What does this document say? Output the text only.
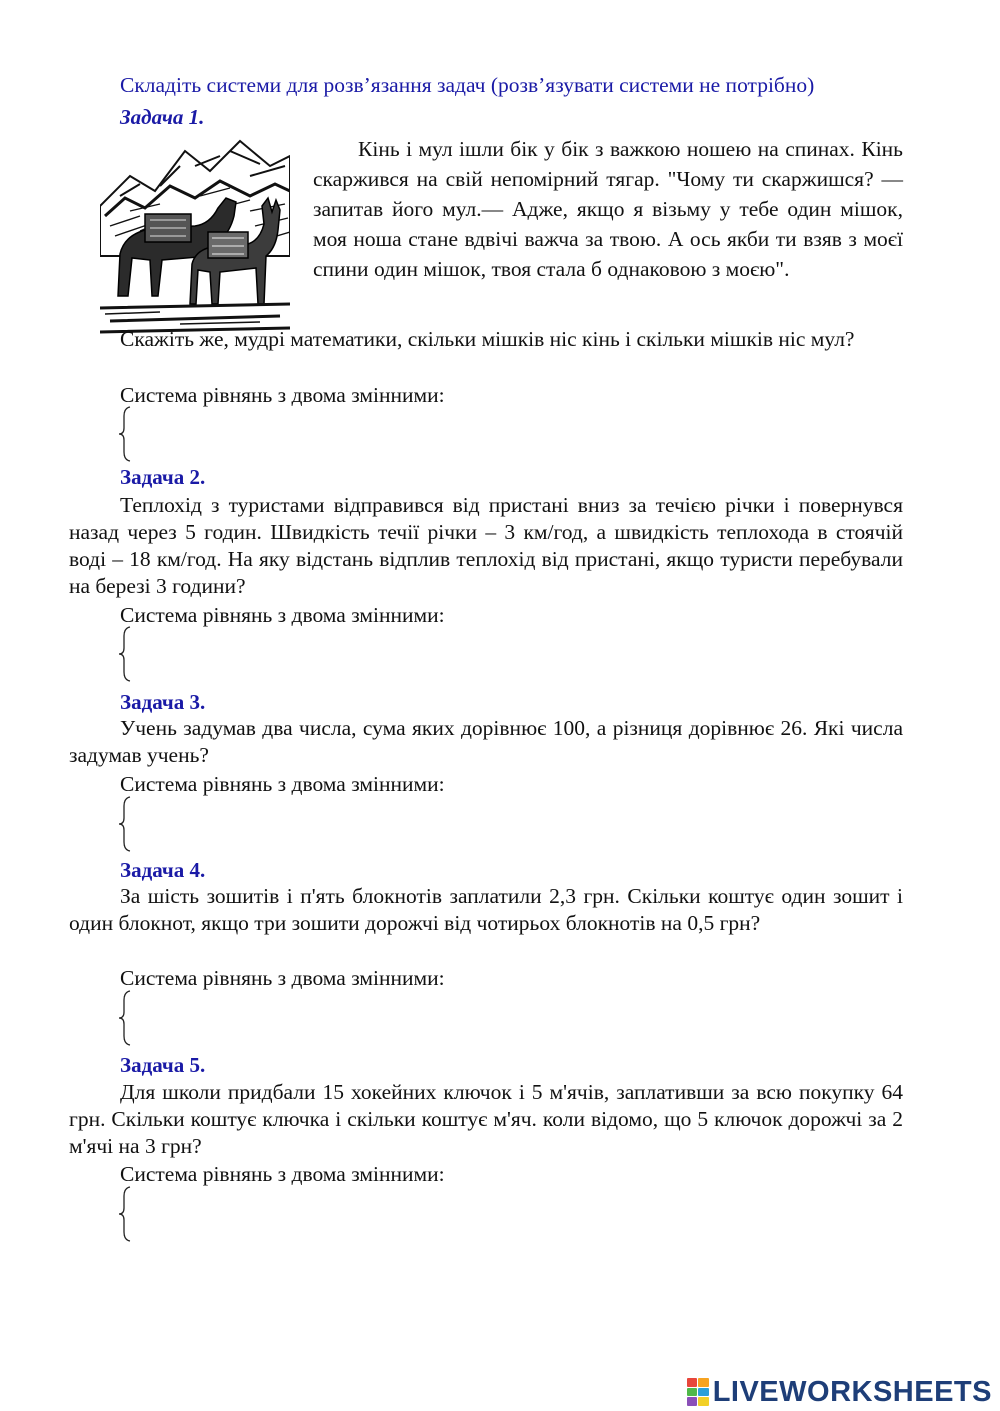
Складіть системи для розв’язання задач (розв’язувати системи не потрібно)
Задача 1.
Кінь і мул ішли бік у бік з важкою ношею на спинах. Кінь скаржився на свій непомірний тягар. "Чому ти скаржишся? — запитав його мул.— Адже, якщо я візьму у тебе один мішок, моя ноша стане вдвічі важча за твою. А ось якби ти взяв з моєї спини один мішок, твоя стала б однаковою з моєю".
Скажіть же, мудрі математики, скільки мішків ніс кінь і скільки мішків ніс мул?
Система рівнянь з двома змінними:
Задача 2.
Теплохід з туристами відправився від пристані вниз за течією річки і повернувся назад через 5 годин. Швидкість течії річки – 3 км/год, а швидкість теплохода в стоячій воді – 18 км/год. На яку відстань відплив теплохід від пристані, якщо туристи перебували на березі 3 години?
Система рівнянь з двома змінними:
Задача 3.
Учень задумав два числа, сума яких дорівнює 100, а різниця дорівнює 26. Які числа задумав учень?
Система рівнянь з двома змінними:
Задача 4.
За шість зошитів і п'ять блокнотів заплатили 2,3 грн. Скільки коштує один зошит і один блокнот, якщо три зошити дорожчі від чотирьох блокнотів на 0,5 грн?
Система рівнянь з двома змінними:
Задача 5.
Для школи придбали 15 хокейних ключок і 5 м'ячів, заплативши за всю покупку 64 грн. Скільки коштує ключка і скільки коштує м'яч. коли відомо, що 5 ключок дорожчі за 2 м'ячі на 3 грн?
Система рівнянь з двома змінними:
LIVEWORKSHEETS
